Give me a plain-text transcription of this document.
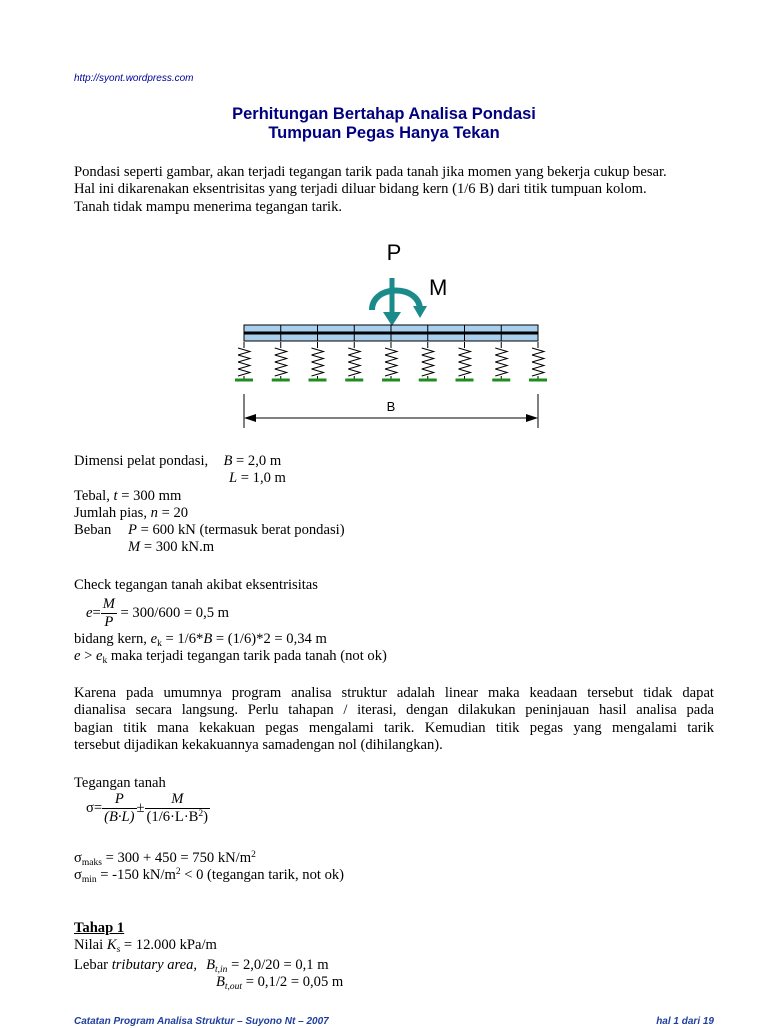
http://syont.wordpress.com
Perhitungan Bertahap Analisa Pondasi
Tumpuan Pegas Hanya Tekan
Pondasi seperti gambar, akan terjadi tegangan tarik pada tanah jika momen yang bekerja cukup besar.
Hal ini dikarenakan eksentrisitas yang terjadi diluar bidang kern (1/6 B) dari titik tumpuan kolom.
Tanah tidak mampu menerima tegangan tarik.
P
M
B
Dimensi pelat pondasi, B = 2,0 m
L = 1,0 m
Tebal, t = 300 mm
Jumlah pias, n = 20
Beban P = 600 kN (termasuk berat pondasi)
M = 300 kN.m
Check tegangan tanah akibat eksentrisitas
$e= \frac{M}{P} = 300/600 = 0,5$ m
bidang kern, $e_k = 1/6*B = (1/6)*2 = 0,34$ m
$e > e_k$ maka terjadi tegangan tarik pada tanah (not ok)
Karena pada umumnya program analisa struktur adalah linear maka keadaan tersebut tidak dapat
dianalisa secara langsung. Perlu tahapan / iterasi, dengan dilakukan peninjauan hasil analisa pada
bagian titik mana kekakuan pegas mengalami tarik. Kemudian titik pegas yang mengalami tarik
tersebut dijadikan kekakuannya samadengan nol (dihilangkan).
Tegangan tanah
$\sigma= \frac{P}{(B\cdot L)} \pm \frac{M}{(1/6\cdot L\cdot B^2)}$
$\sigma_{maks} = 300 + 450 = 750$ $kN/m^2$
$\sigma_{min} = -150$ $kN/m^2 < 0$ (tegangan tarik, not ok)
Tahap 1
Nilai $K_s = 12.000$ kPa/m
Lebar tributary area, $B_{t,in} = 2,0/20 = 0,1$ m
$B_{t,out} = 0,1/2 = 0,05$ m
Catatan Program Analisa Struktur – Suyono Nt – 2007	hal 1 dari 19
